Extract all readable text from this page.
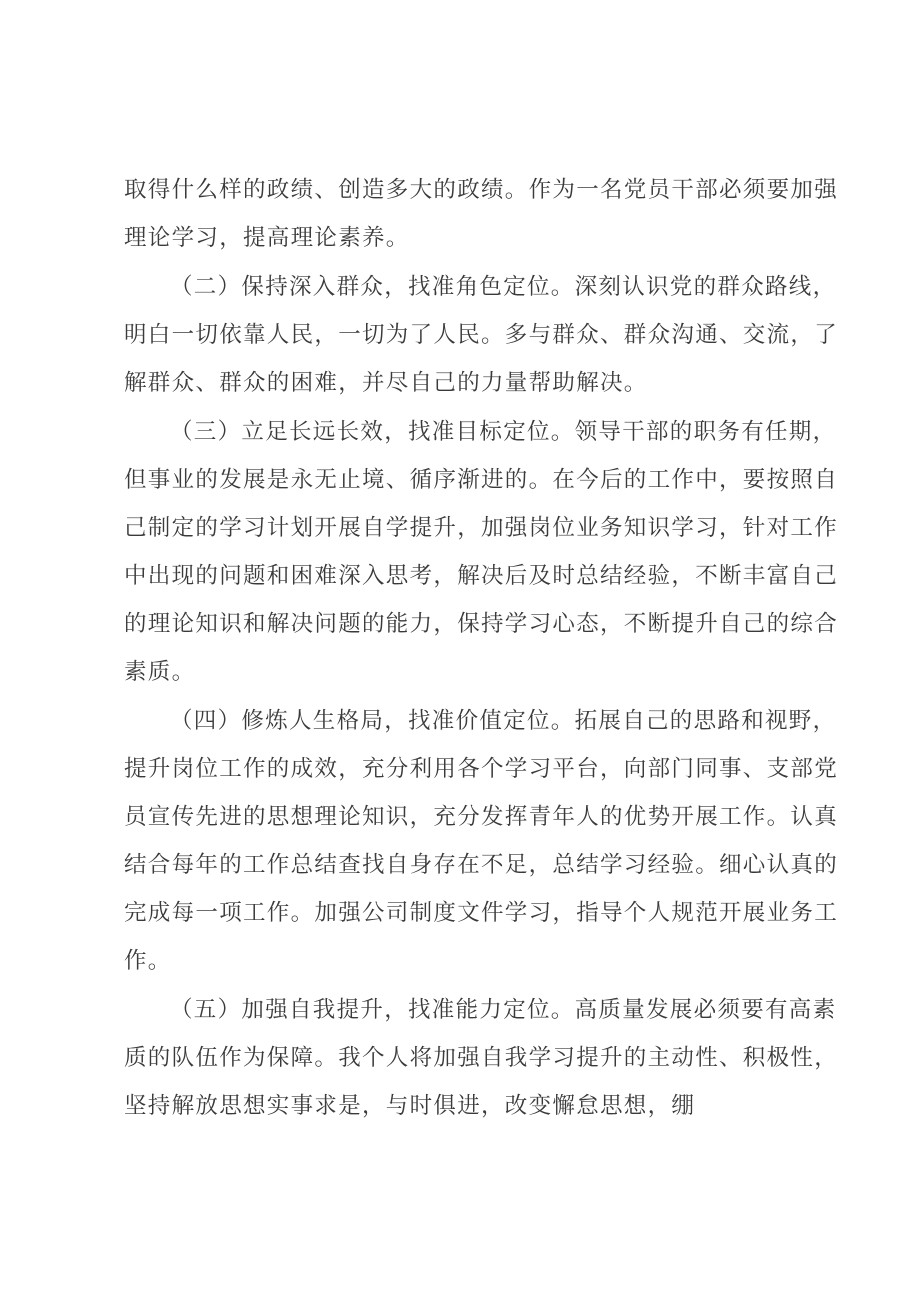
取得什么样的政绩、创造多大的政绩。作为一名党员干部必须要加强
理论学习，提高理论素养。
（二）保持深入群众，找准角色定位。深刻认识党的群众路线，
明白一切依靠人民，一切为了人民。多与群众、群众沟通、交流，了
解群众、群众的困难，并尽自己的力量帮助解决。
（三）立足长远长效，找准目标定位。领导干部的职务有任期，
但事业的发展是永无止境、循序渐进的。在今后的工作中，要按照自
己制定的学习计划开展自学提升，加强岗位业务知识学习，针对工作
中出现的问题和困难深入思考，解决后及时总结经验，不断丰富自己
的理论知识和解决问题的能力，保持学习心态，不断提升自己的综合
素质。
（四）修炼人生格局，找准价值定位。拓展自己的思路和视野，
提升岗位工作的成效，充分利用各个学习平台，向部门同事、支部党
员宣传先进的思想理论知识，充分发挥青年人的优势开展工作。认真
结合每年的工作总结查找自身存在不足，总结学习经验。细心认真的
完成每一项工作。加强公司制度文件学习，指导个人规范开展业务工
作。
（五）加强自我提升，找准能力定位。高质量发展必须要有高素
质的队伍作为保障。我个人将加强自我学习提升的主动性、积极性，
坚持解放思想实事求是，与时俱进，改变懈怠思想，绷
